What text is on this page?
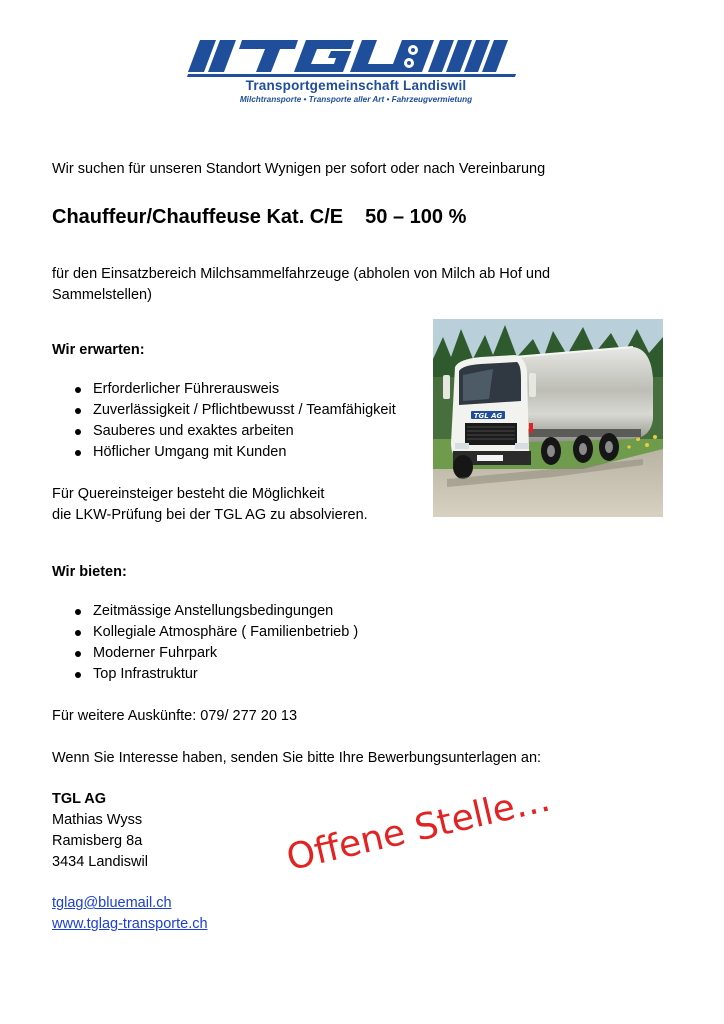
Transportgemeinschaft Landiswil
Milchtransporte • Transporte aller Art • Fahrzeugvermietung
Wir suchen für unseren Standort Wynigen per sofort oder nach Vereinbarung
Chauffeur/Chauffeuse Kat. C/E 50 – 100 %
für den Einsatzbereich Milchsammelfahrzeuge (abholen von Milch ab Hof und Sammelstellen)
Wir erwarten:
Erforderlicher Führerausweis
Zuverlässigkeit / Pflichtbewusst / Teamfähigkeit
Sauberes und exaktes arbeiten
Höflicher Umgang mit Kunden
Für Quereinsteiger besteht die Möglichkeit
die LKW-Prüfung bei der TGL AG zu absolvieren.
Wir bieten:
Zeitmässige Anstellungsbedingungen
Kollegiale Atmosphäre ( Familienbetrieb )
Moderner Fuhrpark
Top Infrastruktur
Für weitere Auskünfte: 079/ 277 20 13
Wenn Sie Interesse haben, senden Sie bitte Ihre Bewerbungsunterlagen an:
TGL AG
Mathias Wyss
Ramisberg 8a
3434 Landiswil
tglag@bluemail.ch
www.tglag-transporte.ch
Offene Stelle…
TGL AG
